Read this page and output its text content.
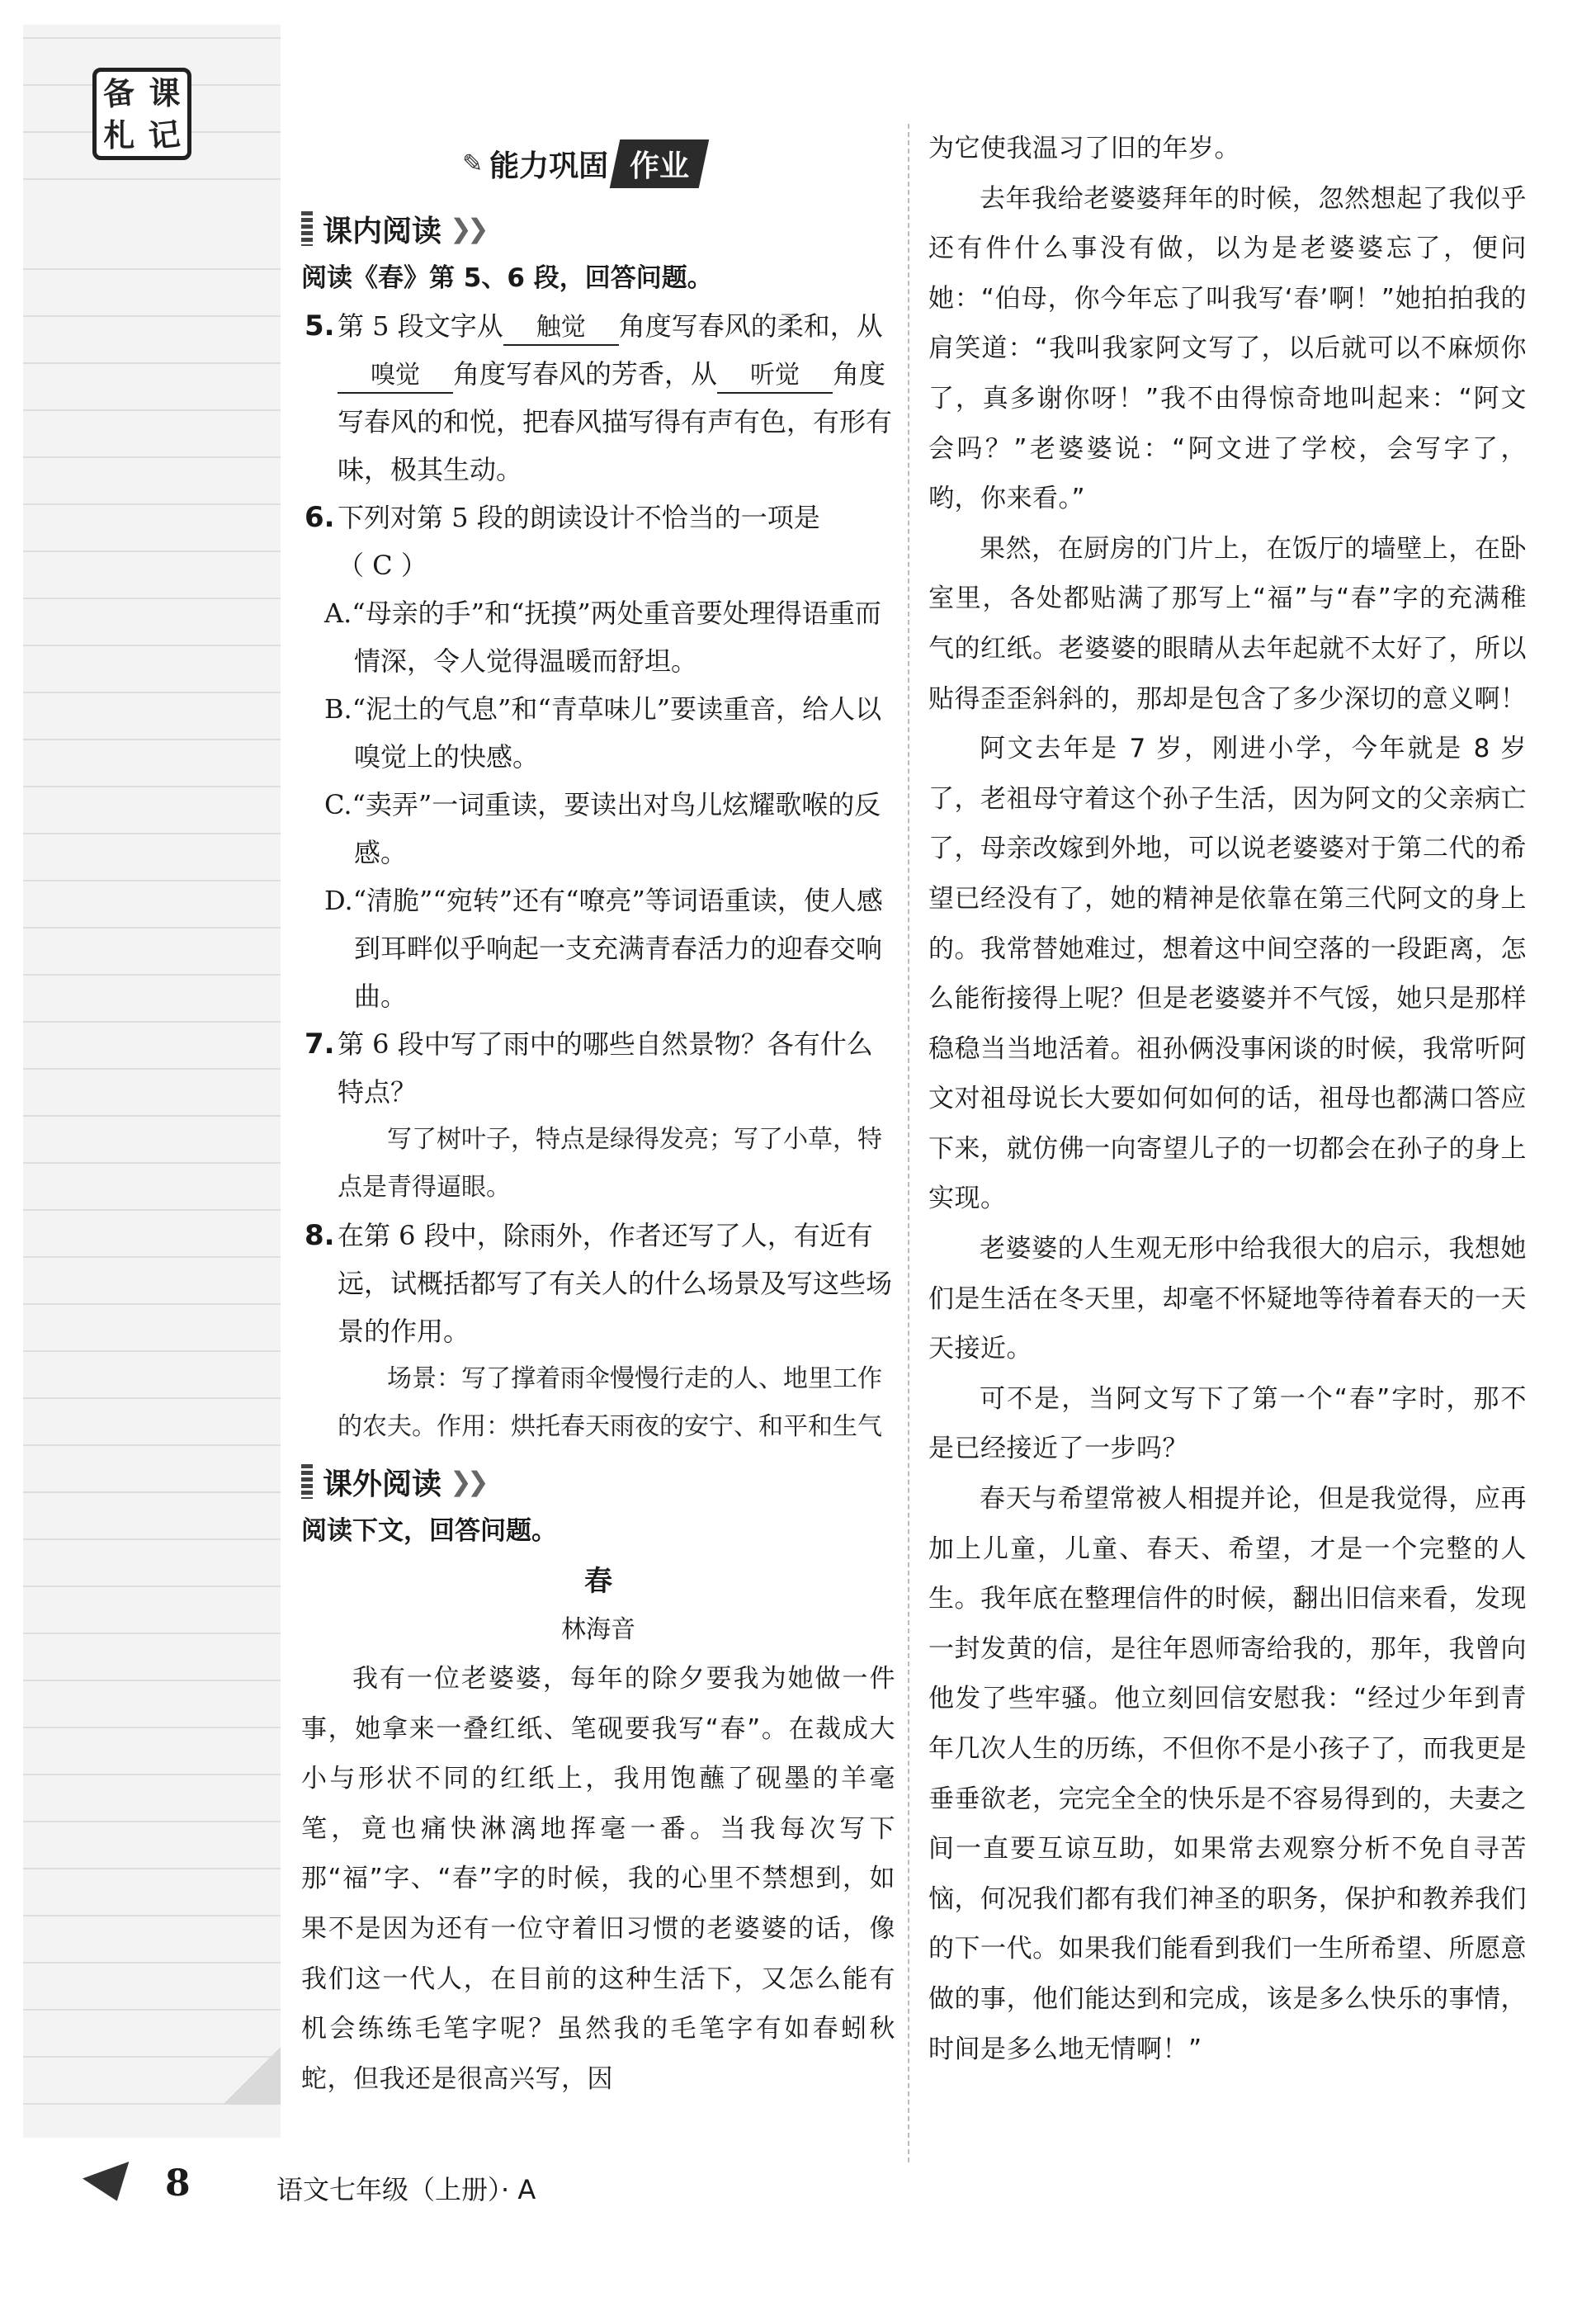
备 课
札 记
✎ 能力巩固 作业
课内阅读 ❯❯
阅读《春》第 5、6 段，回答问题。
5. 第 5 段文字从 触觉 角度写春风的柔和，从嗅觉 角度写春风的芳香，从 听觉 角度写春风的和悦，把春风描写得有声有色，有形有味，极其生动。
6. 下列对第 5 段的朗读设计不恰当的一项是
（ C ）
A.“母亲的手”和“抚摸”两处重音要处理得语重而情深，令人觉得温暖而舒坦。
B.“泥土的气息”和“青草味儿”要读重音，给人以嗅觉上的快感。
C.“卖弄”一词重读，要读出对鸟儿炫耀歌喉的反感。
D.“清脆”“宛转”还有“嘹亮”等词语重读，使人感到耳畔似乎响起一支充满青春活力的迎春交响曲。
7. 第 6 段中写了雨中的哪些自然景物？各有什么特点？
写了树叶子，特点是绿得发亮；写了小草，特点是青得逼眼。
8. 在第 6 段中，除雨外，作者还写了人，有近有远，试概括都写了有关人的什么场景及写这些场景的作用。
场景：写了撑着雨伞慢慢行走的人、地里工作的农夫。作用：烘托春天雨夜的安宁、和平和生气
课外阅读 ❯❯
阅读下文，回答问题。
春
林海音
我有一位老婆婆，每年的除夕要我为她做一件事，她拿来一叠红纸、笔砚要我写“春”。在裁成大小与形状不同的红纸上，我用饱蘸了砚墨的羊毫笔，竟也痛快淋漓地挥毫一番。当我每次写下那“福”字、“春”字的时候，我的心里不禁想到，如果不是因为还有一位守着旧习惯的老婆婆的话，像我们这一代人，在目前的这种生活下，又怎么能有机会练练毛笔字呢？虽然我的毛笔字有如春蚓秋蛇，但我还是很高兴写，因
为它使我温习了旧的年岁。
去年我给老婆婆拜年的时候，忽然想起了我似乎还有件什么事没有做，以为是老婆婆忘了，便问她：“伯母，你今年忘了叫我写‘春’啊！”她拍拍我的肩笑道：“我叫我家阿文写了，以后就可以不麻烦你了，真多谢你呀！”我不由得惊奇地叫起来：“阿文会吗？”老婆婆说：“阿文进了学校，会写字了，哟，你来看。”
果然，在厨房的门片上，在饭厅的墙壁上，在卧室里，各处都贴满了那写上“福”与“春”字的充满稚气的红纸。老婆婆的眼睛从去年起就不太好了，所以贴得歪歪斜斜的，那却是包含了多少深切的意义啊！
阿文去年是 7 岁，刚进小学，今年就是 8 岁了，老祖母守着这个孙子生活，因为阿文的父亲病亡了，母亲改嫁到外地，可以说老婆婆对于第二代的希望已经没有了，她的精神是依靠在第三代阿文的身上的。我常替她难过，想着这中间空落的一段距离，怎么能衔接得上呢？但是老婆婆并不气馁，她只是那样稳稳当当地活着。祖孙俩没事闲谈的时候，我常听阿文对祖母说长大要如何如何的话，祖母也都满口答应下来，就仿佛一向寄望儿子的一切都会在孙子的身上实现。
老婆婆的人生观无形中给我很大的启示，我想她们是生活在冬天里，却毫不怀疑地等待着春天的一天天接近。
可不是，当阿文写下了第一个“春”字时，那不是已经接近了一步吗？
春天与希望常被人相提并论，但是我觉得，应再加上儿童，儿童、春天、希望，才是一个完整的人生。我年底在整理信件的时候，翻出旧信来看，发现一封发黄的信，是往年恩师寄给我的，那年，我曾向他发了些牢骚。他立刻回信安慰我：“经过少年到青年几次人生的历练，不但你不是小孩子了，而我更是垂垂欲老，完完全全的快乐是不容易得到的，夫妻之间一直要互谅互助，如果常去观察分析不免自寻苦恼，何况我们都有我们神圣的职务，保护和教养我们的下一代。如果我们能看到我们一生所希望、所愿意做的事，他们能达到和完成，该是多么快乐的事情，时间是多么地无情啊！”
8	语文七年级（上册）· A
